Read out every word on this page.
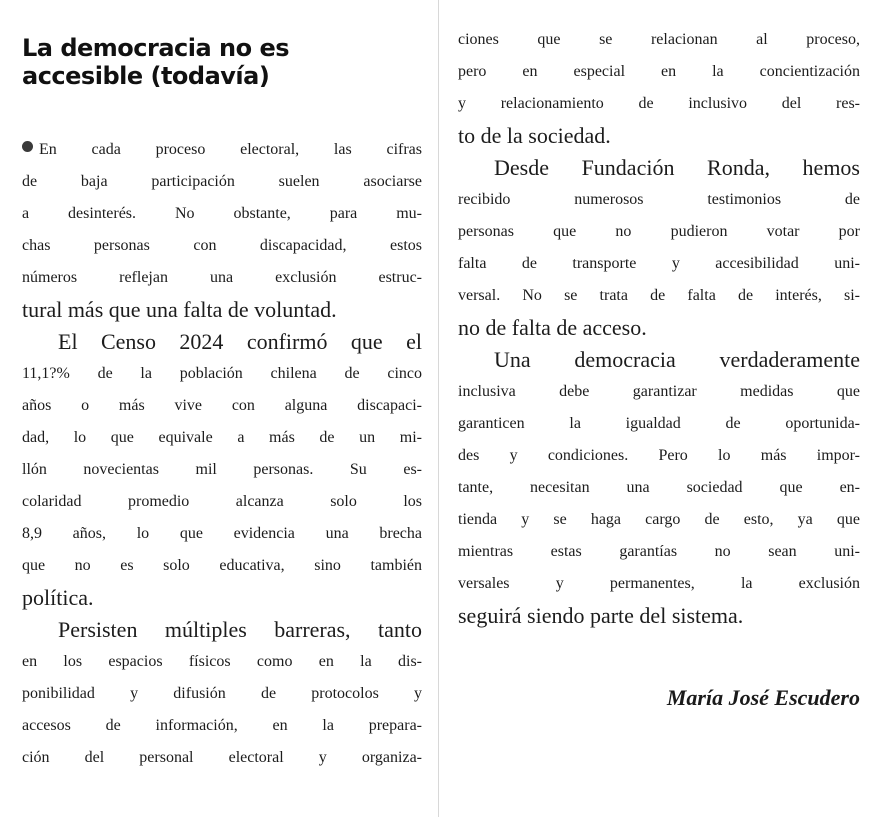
La democracia no es
accesible (todavía)
En cada proceso electoral, las cifras
de baja participación suelen asociarse
a desinterés. No obstante, para mu-
chas personas con discapacidad, estos
números reflejan una exclusión estruc-
tural más que una falta de voluntad.
El Censo 2024 confirmó que el
11,1?% de la población chilena de cinco
años o más vive con alguna discapaci-
dad, lo que equivale a más de un mi-
llón novecientas mil personas. Su es-
colaridad promedio alcanza solo los
8,9 años, lo que evidencia una brecha
que no es solo educativa, sino también
política.
Persisten múltiples barreras, tanto
en los espacios físicos como en la dis-
ponibilidad y difusión de protocolos y
accesos de información, en la prepara-
ción del personal electoral y organiza-
ciones que se relacionan al proceso,
pero en especial en la concientización
y relacionamiento de inclusivo del res-
to de la sociedad.
Desde Fundación Ronda, hemos
recibido numerosos testimonios de
personas que no pudieron votar por
falta de transporte y accesibilidad uni-
versal. No se trata de falta de interés, si-
no de falta de acceso.
Una democracia verdaderamente
inclusiva debe garantizar medidas que
garanticen la igualdad de oportunida-
des y condiciones. Pero lo más impor-
tante, necesitan una sociedad que en-
tienda y se haga cargo de esto, ya que
mientras estas garantías no sean uni-
versales y permanentes, la exclusión
seguirá siendo parte del sistema.
María José Escudero
